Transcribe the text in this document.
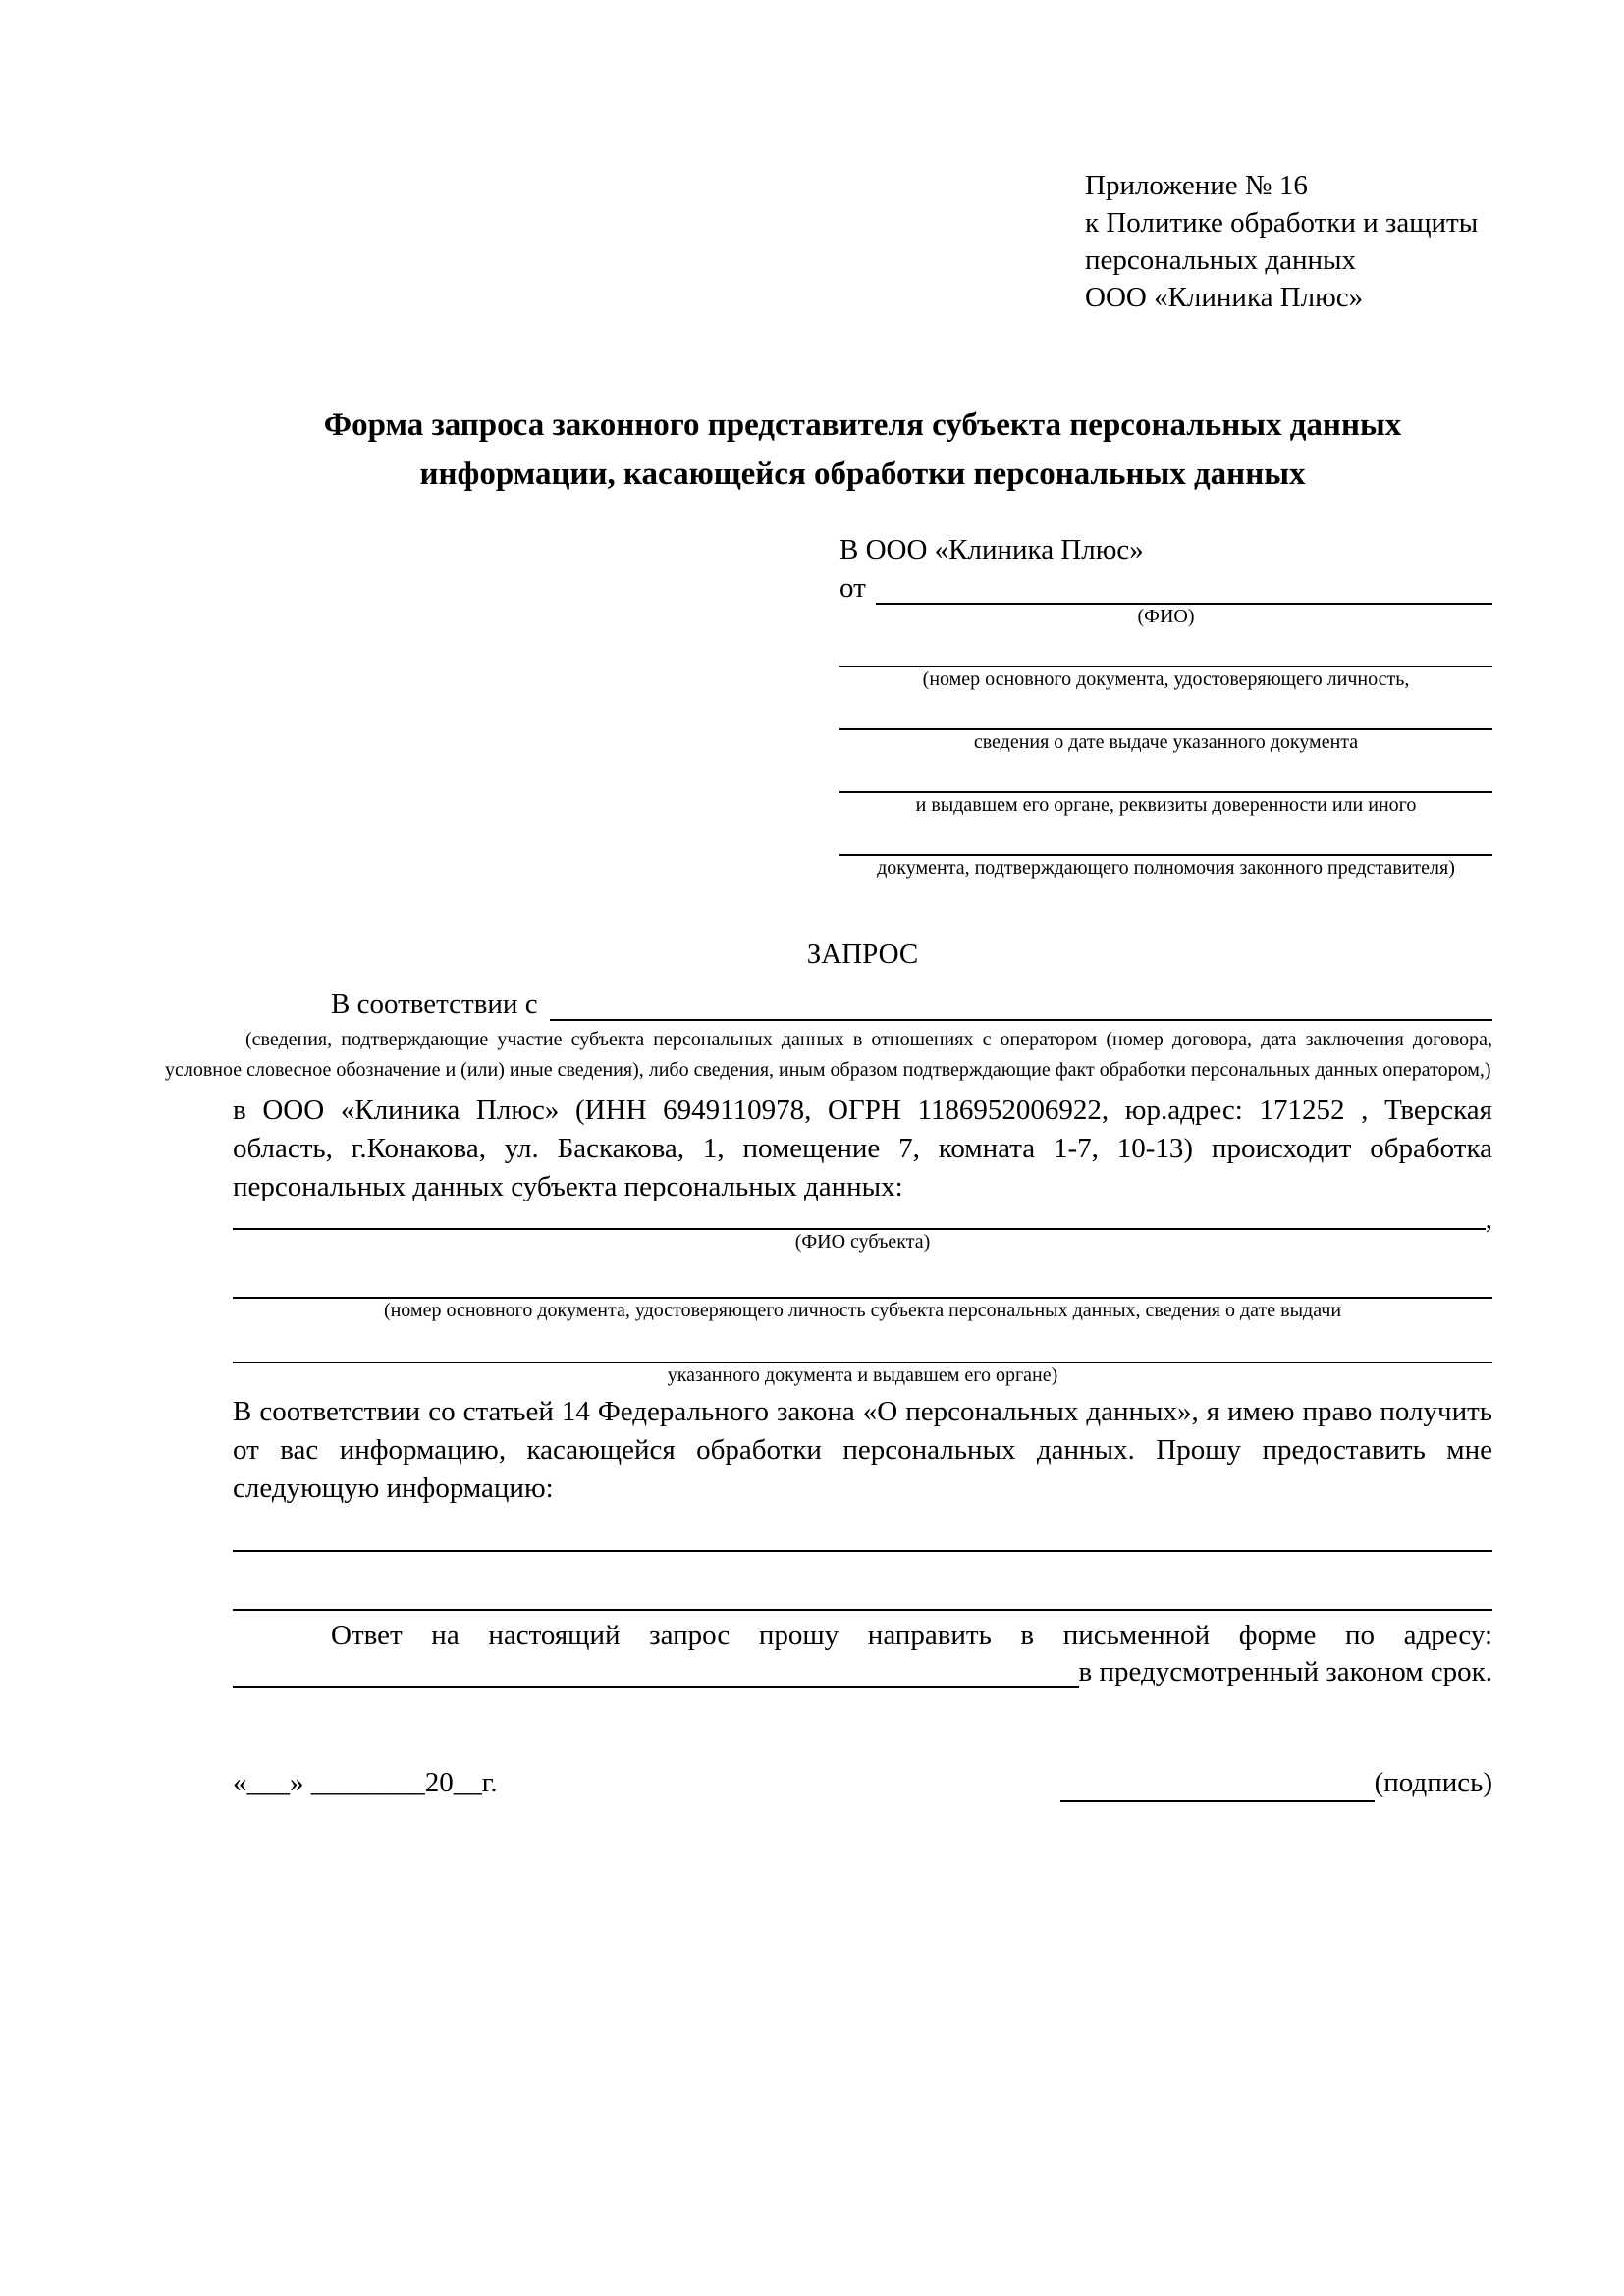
Приложение № 16
к Политике обработки и защиты
персональных данных
ООО «Клиника Плюс»
Форма запроса законного представителя субъекта персональных данных
информации, касающейся обработки персональных данных
В ООО «Клиника Плюс»
от
(ФИО)
(номер основного документа, удостоверяющего личность,
сведения о дате выдаче указанного документа
и выдавшем его органе, реквизиты доверенности или иного
документа, подтверждающего полномочия законного представителя)
ЗАПРОС
В соответствии с
(сведения, подтверждающие участие субъекта персональных данных в отношениях с оператором (номер договора, дата заключения договора, условное словесное обозначение и (или) иные сведения), либо сведения, иным образом подтверждающие факт обработки персональных данных оператором,)

в ООО «Клиника Плюс» (ИНН 6949110978, ОГРН 1186952006922, юр.адрес: 171252 , Тверская область, г.Конакова, ул. Баскакова, 1, помещение 7, комната 1-7, 10-13) происходит обработка персональных данных субъекта персональных данных:

,
(ФИО субъекта)
(номер основного документа, удостоверяющего личность субъекта персональных данных, сведения о дате выдачи
указанного документа и выдавшем его органе)

В соответствии со статьей 14 Федерального закона «О персональных данных», я имею право получить от вас информацию, касающейся обработки персональных данных. Прошу предоставить мне следующую информацию:

Ответ на настоящий запрос прошу направить в письменной форме по адресу:
в предусмотренный законом срок.
«___» ________20__г.	(подпись)
